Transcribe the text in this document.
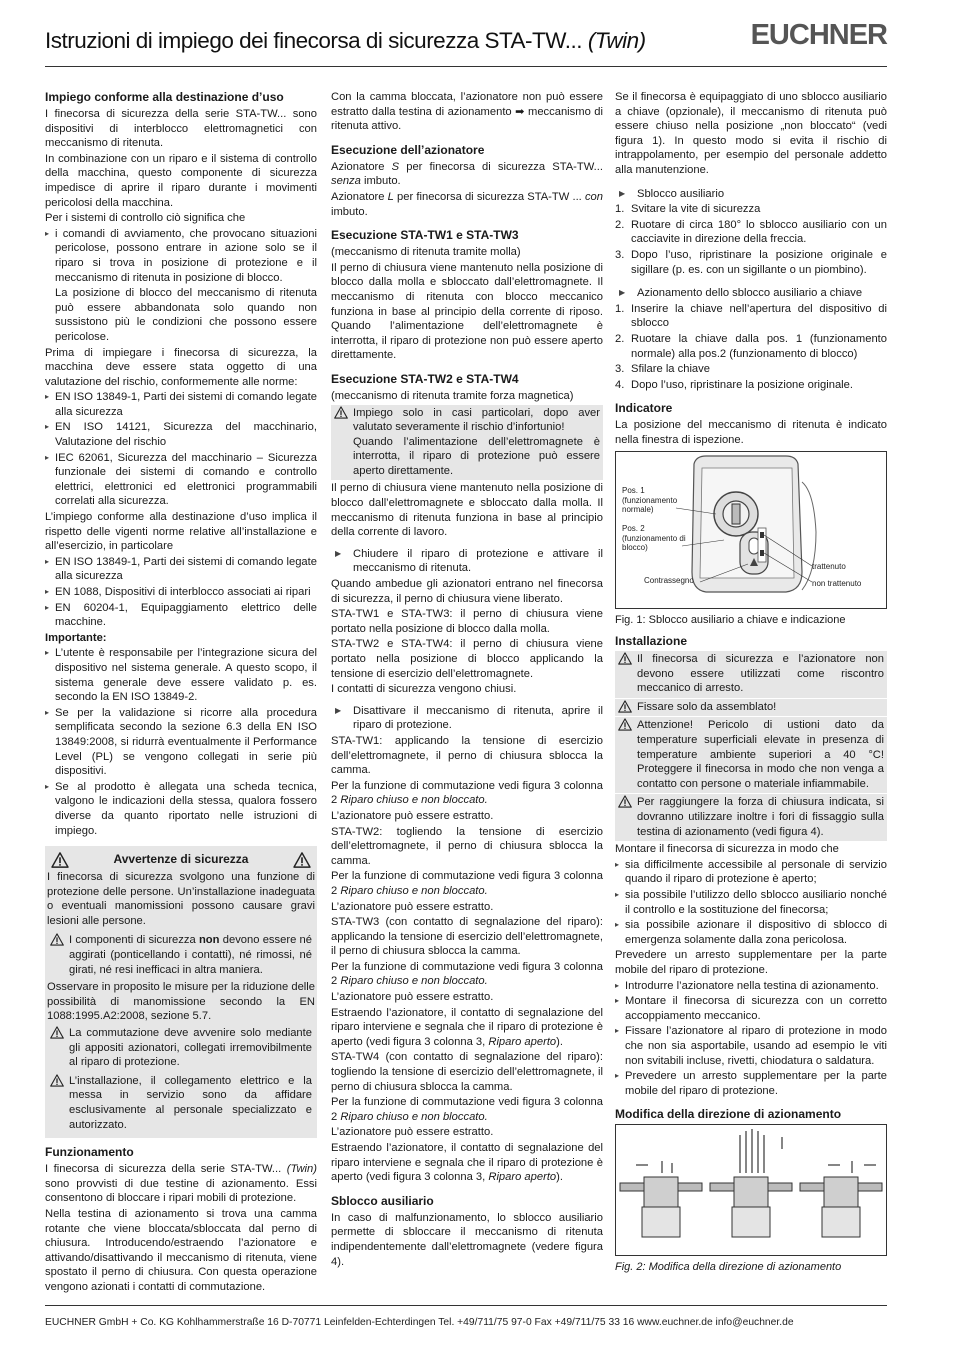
Istruzioni di impiego dei finecorsa di sicurezza STA-TW... (Twin)	EUCHNER
Impiego conforme alla destinazione d’uso

I finecorsa di sicurezza della serie STA-TW... sono dispositivi di interblocco elettromagnetici con meccanismo di ritenuta.

In combinazione con un riparo e il sistema di controllo della macchina, questo componente di sicurezza impedisce di aprire il riparo durante i movimenti pericolosi della macchina.

Per i sistemi di controllo ciò significa che

▸ i comandi di avviamento, che provocano situazioni pericolose, possono entrare in azione solo se il riparo si trova in posizione di protezione e il meccanismo di ritenuta in posizione di blocco.
La posizione di blocco del meccanismo di ritenuta può essere abbandonata solo quando non sussistono più le condizioni che possono essere pericolose.

Prima di impiegare i finecorsa di sicurezza, la macchina deve essere stata oggetto di una valutazione del rischio, conformemente alle norme:

▸ EN ISO 13849-1, Parti dei sistemi di comando legate alla sicurezza
▸ EN ISO 14121, Sicurezza del macchinario, Valutazione del rischio
▸ IEC 62061, Sicurezza del macchinario – Sicurezza funzionale dei sistemi di comando e controllo elettrici, elettronici ed elettronici programmabili correlati alla sicurezza.

L’impiego conforme alla destinazione d’uso implica il rispetto delle vigenti norme relative all’installazione e all’esercizio, in particolare

▸ EN ISO 13849-1, Parti dei sistemi di comando legate alla sicurezza
▸ EN 1088, Dispositivi di interblocco associati ai ripari
▸ EN 60204-1, Equipaggiamento elettrico delle macchine.

Importante:

▸ L’utente è responsabile per l’integrazione sicura del dispositivo nel sistema generale. A questo scopo, il sistema generale deve essere validato p. es. secondo la EN ISO 13849-2.
▸ Se per la validazione si ricorre alla procedura semplificata secondo la sezione 6.3 della EN ISO 13849:2008, si ridurrà eventualmente il Performance Level (PL) se vengono collegati in serie più dispositivi.
▸ Se al prodotto è allegata una scheda tecnica, valgono le indicazioni della stessa, qualora fossero diverse da quanto riportato nelle istruzioni di impiego.
Avvertenze di sicurezza

I finecorsa di sicurezza svolgono una funzione di protezione delle persone. Un’installazione inadeguata o eventuali manomissioni possono causare gravi lesioni alle persone.

I componenti di sicurezza non devono essere né aggirati (ponticellando i contatti), né rimossi, né girati, né resi inefficaci in altra maniera.

Osservare in proposito le misure per la riduzione delle possibilità di manomissione secondo la EN 1088:1995.A2:2008, sezione 5.7.

La commutazione deve avvenire solo mediante gli appositi azionatori, collegati irremovibilmente al riparo di protezione.
L’installazione, il collegamento elettrico e la messa in servizio sono da affidare esclusivamente al personale specializzato e autorizzato.
Funzionamento

I finecorsa di sicurezza della serie STA-TW... (Twin) sono provvisti di due testine di azionamento. Essi consentono di bloccare i ripari mobili di protezione.

Nella testina di azionamento si trova una camma rotante che viene bloccata/sbloccata dal perno di chiusura. Introducendo/estraendo l’azionatore e attivando/disattivando il meccanismo di ritenuta, viene spostato il perno di chiusura. Con questa operazione vengono azionati i contatti di commutazione.

Con la camma bloccata, l’azionatore non può essere estratto dalla testina di azionamento ➡ meccanismo di ritenuta attivo.

Esecuzione dell’azionatore

Azionatore S per finecorsa di sicurezza STA-TW... senza imbuto.

Azionatore L per finecorsa di sicurezza STA-TW ... con imbuto.

Esecuzione STA-TW1 e STA-TW3

(meccanismo di ritenuta tramite molla)

Il perno di chiusura viene mantenuto nella posizione di blocco dalla molla e sbloccato dall’elettromagnete. Il meccanismo di ritenuta con blocco meccanico funziona in base al principio della corrente di riposo. Quando l’alimentazione dell’elettromagnete è interrotta, il riparo di protezione non può essere aperto direttamente.

Esecuzione STA-TW2 e STA-TW4

(meccanismo di ritenuta tramite forza magnetica)

Impiego solo in casi particolari, dopo aver valutato severamente il rischio d’infortunio!
Quando l’alimentazione dell’elettromagnete è interrotta, il riparo di protezione può essere aperto direttamente.

Il perno di chiusura viene mantenuto nella posizione di blocco dall’elettromagnete e sbloccato dalla molla. Il meccanismo di ritenuta funziona in base al principio della corrente di lavoro.

▶ Chiudere il riparo di protezione e attivare il meccanismo di ritenuta.

Quando ambedue gli azionatori entrano nel finecorsa di sicurezza, il perno di chiusura viene liberato.

STA-TW1 e STA-TW3: il perno di chiusura viene portato nella posizione di blocco dalla molla.

STA-TW2 e STA-TW4: il perno di chiusura viene portato nella posizione di blocco applicando la tensione di esercizio dell’elettromagnete.

I contatti di sicurezza vengono chiusi.

▶ Disattivare il meccanismo di ritenuta, aprire il riparo di protezione.

STA-TW1: applicando la tensione di esercizio dell’elettromagnete, il perno di chiusura sblocca la camma.

Per la funzione di commutazione vedi figura 3 colonna 2 Riparo chiuso e non bloccato.

L’azionatore può essere estratto.

STA-TW2: togliendo la tensione di esercizio dell’elettromagnete, il perno di chiusura sblocca la camma.

Per la funzione di commutazione vedi figura 3 colonna 2 Riparo chiuso e non bloccato.

L’azionatore può essere estratto.

STA-TW3 (con contatto di segnalazione del riparo): applicando la tensione di esercizio dell’elettromagnete, il perno di chiusura sblocca la camma.

Per la funzione di commutazione vedi figura 3 colonna 2 Riparo chiuso e non bloccato.

L’azionatore può essere estratto.

Estraendo l’azionatore, il contatto di segnalazione del riparo interviene e segnala che il riparo di protezione è aperto (vedi figura 3 colonna 3, Riparo aperto).

STA-TW4 (con contatto di segnalazione del riparo): togliendo la tensione di esercizio dell’elettromagnete, il perno di chiusura sblocca la camma.

Per la funzione di commutazione vedi figura 3 colonna 2 Riparo chiuso e non bloccato.

L’azionatore può essere estratto.

Estraendo l’azionatore, il contatto di segnalazione del riparo interviene e segnala che il riparo di protezione è aperto (vedi figura 3 colonna 3, Riparo aperto).

Sblocco ausiliario

In caso di malfunzionamento, lo sblocco ausiliario permette di sbloccare il meccanismo di ritenuta indipendentemente dall’elettromagnete (vedere figura 4).

Se il finecorsa è equipaggiato di uno sblocco ausiliario a chiave (opzionale), il meccanismo di ritenuta può essere chiuso nella posizione „non bloccato“ (vedi figura 1). In questo modo si evita il rischio di intrappolamento, per esempio del personale addetto alla manutenzione.

▶ Sblocco ausiliario
1. Svitare la vite di sicurezza
2. Ruotare di circa 180° lo sblocco ausiliario con un cacciavite in direzione della freccia.
3. Dopo l’uso, ripristinare la posizione originale e sigillare (p. es. con un sigillante o un piombino).
▶ Azionamento dello sblocco ausiliario a chiave
1. Inserire la chiave nell’apertura del dispositivo di sblocco
2. Ruotare la chiave dalla pos. 1 (funzionamento normale) alla pos.2 (funzionamento di blocco)
3. Sfilare la chiave
4. Dopo l’uso, ripristinare la posizione originale.
Indicatore

La posizione del meccanismo di ritenuta è indicato nella finestra di ispezione.

Pos. 1 (funzionamento normale)
Pos. 2 (funzionamento di blocco)
Contrassegno
trattenuto
non trattenuto
Fig. 1: Sblocco ausiliario a chiave e indicazione
Installazione
Il finecorsa di sicurezza e l’azionatore non devono essere utilizzati come riscontro meccanico di arresto.
Fissare solo da assemblato!
Attenzione! Pericolo di ustioni dato da temperature superficiali elevate in presenza di temperature ambiente superiori a 40 °C! Proteggere il finecorsa in modo che non venga a contatto con persone o materiale infiammabile.
Per raggiungere la forza di chiusura indicata, si dovranno utilizzare inoltre i fori di fissaggio sulla testina di azionamento (vedi figura 4).

Montare il finecorsa di sicurezza in modo che

▸ sia difficilmente accessibile al personale di servizio quando il riparo di protezione è aperto;
▸ sia possibile l’utilizzo dello sblocco ausiliario nonché il controllo e la sostituzione del finecorsa;
▸ sia possibile azionare il dispositivo di sblocco di emergenza solamente dalla zona pericolosa.

Prevedere un arresto supplementare per la parte mobile del riparo di protezione.

▸ Introdurre l’azionatore nella testina di azionamento.
▸ Montare il finecorsa di sicurezza con un corretto accoppiamento meccanico.
▸ Fissare l’azionatore al riparo di protezione in modo che non sia asportabile, usando ad esempio le viti non svitabili incluse, rivetti, chiodatura o saldatura.
▸ Prevedere un arresto supplementare per la parte mobile del riparo di protezione.
Modifica della direzione di azionamento
Fig. 2: Modifica della direzione di azionamento
EUCHNER GmbH + Co. KG Kohlhammerstraße 16 D-70771 Leinfelden-Echterdingen Tel. +49/711/75 97-0 Fax +49/711/75 33 16 www.euchner.de info@euchner.de
